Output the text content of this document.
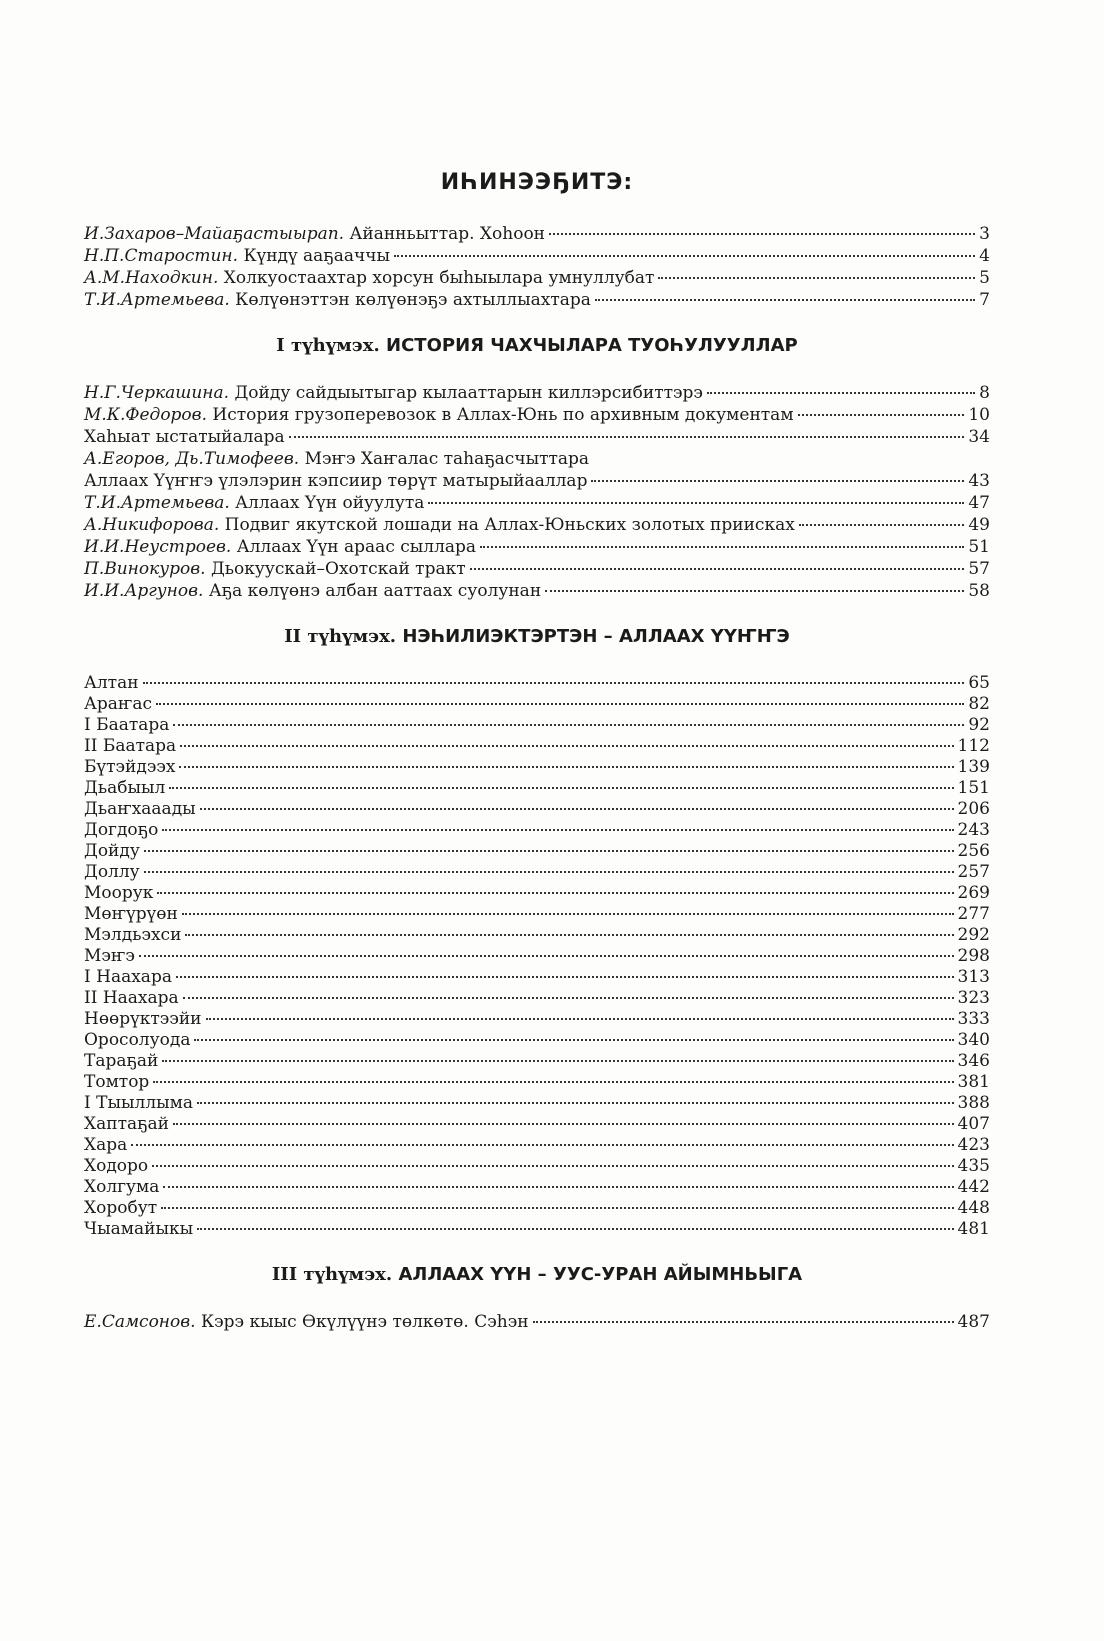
ИҺИНЭЭҔИТЭ:
И.Захаров–Майаҕастыырап. Айанньыттар. Хоһоон	3
Н.П.Старостин. Күндү ааҕааччы	4
А.М.Находкин. Холкуостаахтар хорсун быһыылара умнуллубат	5
Т.И.Артемьева. Көлүөнэттэн көлүөнэҕэ ахтыллыахтара	7
I түһүмэх. ИСТОРИЯ ЧАХЧЫЛАРА ТУОҺУЛУУЛЛАР
Н.Г.Черкашина. Дойду сайдыытыгар кылааттарын киллэрсибиттэрэ	8
М.К.Федоров. История грузоперевозок в Аллах-Юнь по архивным документам	10
Хаһыат ыстатыйалара	34
А.Егоров, Дь.Тимофеев. Мэҥэ Хаҥалас таһаҕасчыттара
Аллаах Үүҥҥэ үлэлэрин кэпсиир төрүт матырыйааллар	43
Т.И.Артемьева. Аллаах Үүн ойуулута	47
А.Никифорова. Подвиг якутской лошади на Аллах-Юньских золотых приисках	49
И.И.Неустроев. Аллаах Үүн араас сыллара	51
П.Винокуров. Дьокуускай–Охотскай тракт	57
И.И.Аргунов. Аҕа көлүөнэ албан ааттаах суолунан	58
II түһүмэх. НЭҺИЛИЭКТЭРТЭН – АЛЛААХ ҮҮҤҤЭ
Алтан	65
Араҥас	82
I Баатара	92
II Баатара	112
Бүтэйдээх	139
Дьабыыл	151
Дьаҥхааады	206
Догдоҕо	243
Дойду	256
Доллу	257
Моорук	269
Мөҥүрүөн	277
Мэлдьэхси	292
Мэҥэ	298
I Наахара	313
II Наахара	323
Нөөрүктээйи	333
Оросолуода	340
Тараҕай	346
Томтор	381
I Тыыллыма	388
Хаптаҕай	407
Хара	423
Ходоро	435
Холгума	442
Хоробут	448
Чыамайыкы	481
III түһүмэх. АЛЛААХ ҮҮН – УУС-УРАН АЙЫМНЬЫГА
Е.Самсонов. Кэрэ кыыс Өкүлүүнэ төлкөтө. Сэһэн	487
